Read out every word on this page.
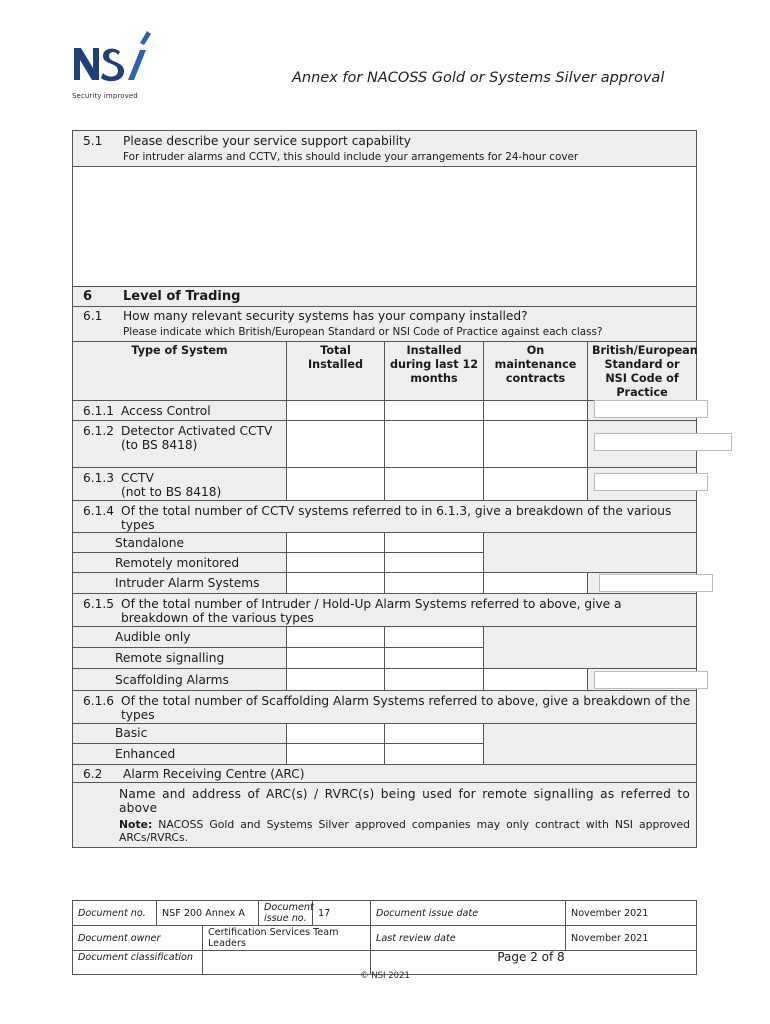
Security improved
Annex for NACOSS Gold or Systems Silver approval
5.1 Please describe your service support capability
For intruder alarms and CCTV, this should include your arrangements for 24-hour cover				

6 Level of Trading				

6.1 How many relevant security systems has your company installed?
Please indicate which British/European Standard or NSI Code of Practice against each class?				

Type of System	Total Installed	Installed during last 12 months	On maintenance contracts	British/European Standard or NSI Code of Practice

6.1.1 Access Control				

6.1.2 Detector Activated CCTV
(to BS 8418)				

6.1.3 CCTV
(not to BS 8418)				

6.1.4 Of the total number of CCTV systems referred to in 6.1.3, give a breakdown of the various types				

Standalone				
Remotely monitored				
Intruder Alarm Systems				

6.1.5 Of the total number of Intruder / Hold-Up Alarm Systems referred to above, give a breakdown of the various types				

Audible only				
Remote signalling				
Scaffolding Alarms				

6.1.6 Of the total number of Scaffolding Alarm Systems referred to above, give a breakdown of the types				

Basic				
Enhanced				

6.2 Alarm Receiving Centre (ARC)				

Name and address of ARC(s) / RVRC(s) being used for remote signalling as referred to above
Note: NACOSS Gold and Systems Silver approved companies may only contract with NSI approved ARCs/RVRCs.				
Document no.	NSF 200 Annex A		Document issue no.	17	Document issue date	November 2021
Document owner		Certification Services Team Leaders			Last review date	November 2021
Document classification					Page 2 of 8	
© NSI 2021
